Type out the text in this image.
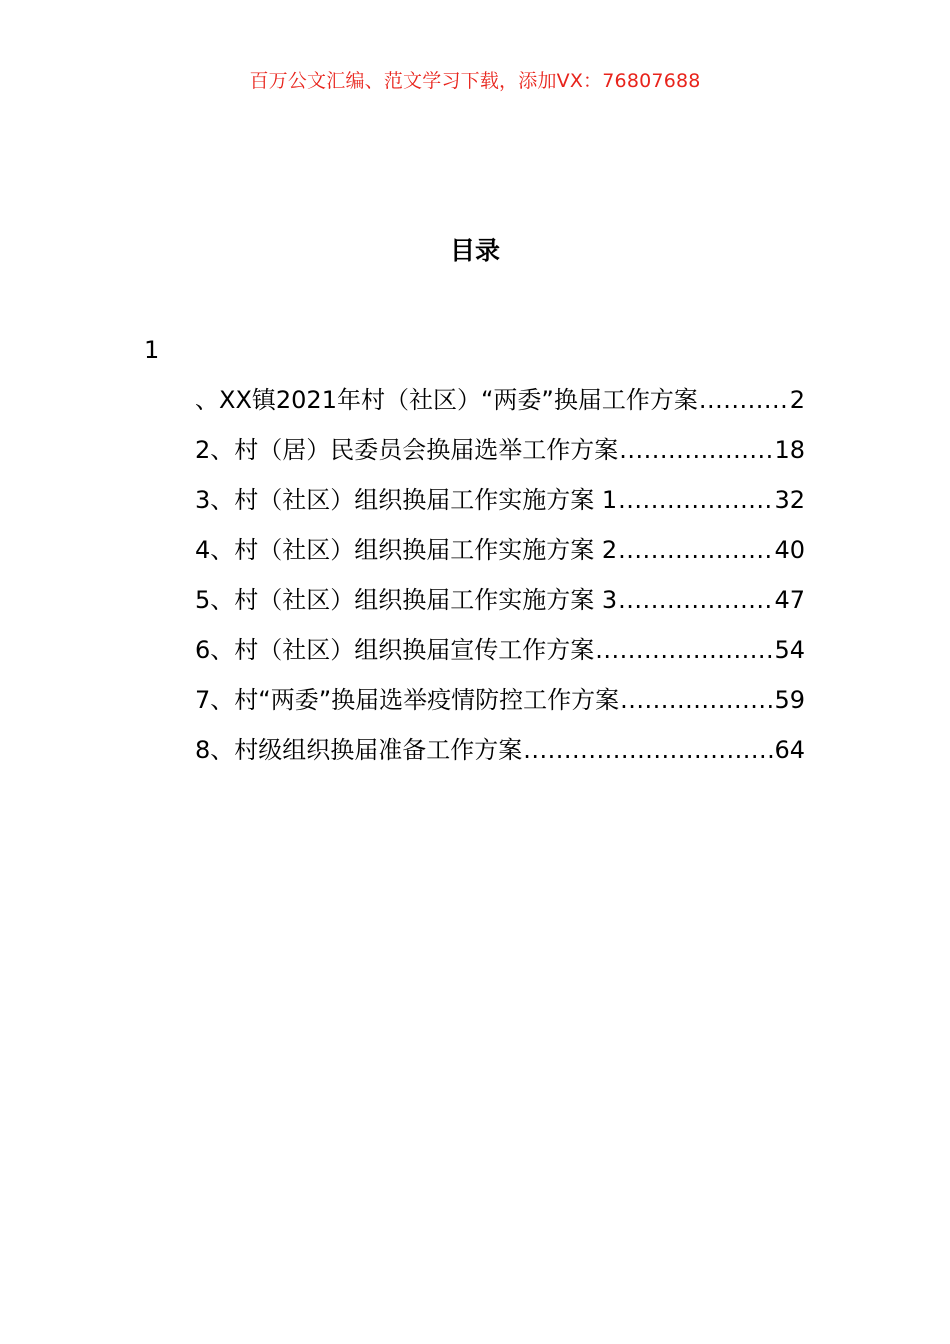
百万公文汇编、范文学习下载，添加VX：76807688
目录
1
、XX镇2021年村（社区）“两委”换届工作方案 .....	2
2、村（居）民委员会换届选举工作方案 .....	18
3、村（社区）组织换届工作实施方案 1 .....	32
4、村（社区）组织换届工作实施方案 2 .....	40
5、村（社区）组织换届工作实施方案 3 .....	47
6、村（社区）组织换届宣传工作方案 .....	54
7、村“两委”换届选举疫情防控工作方案 .....	59
8、村级组织换届准备工作方案 .....	64
